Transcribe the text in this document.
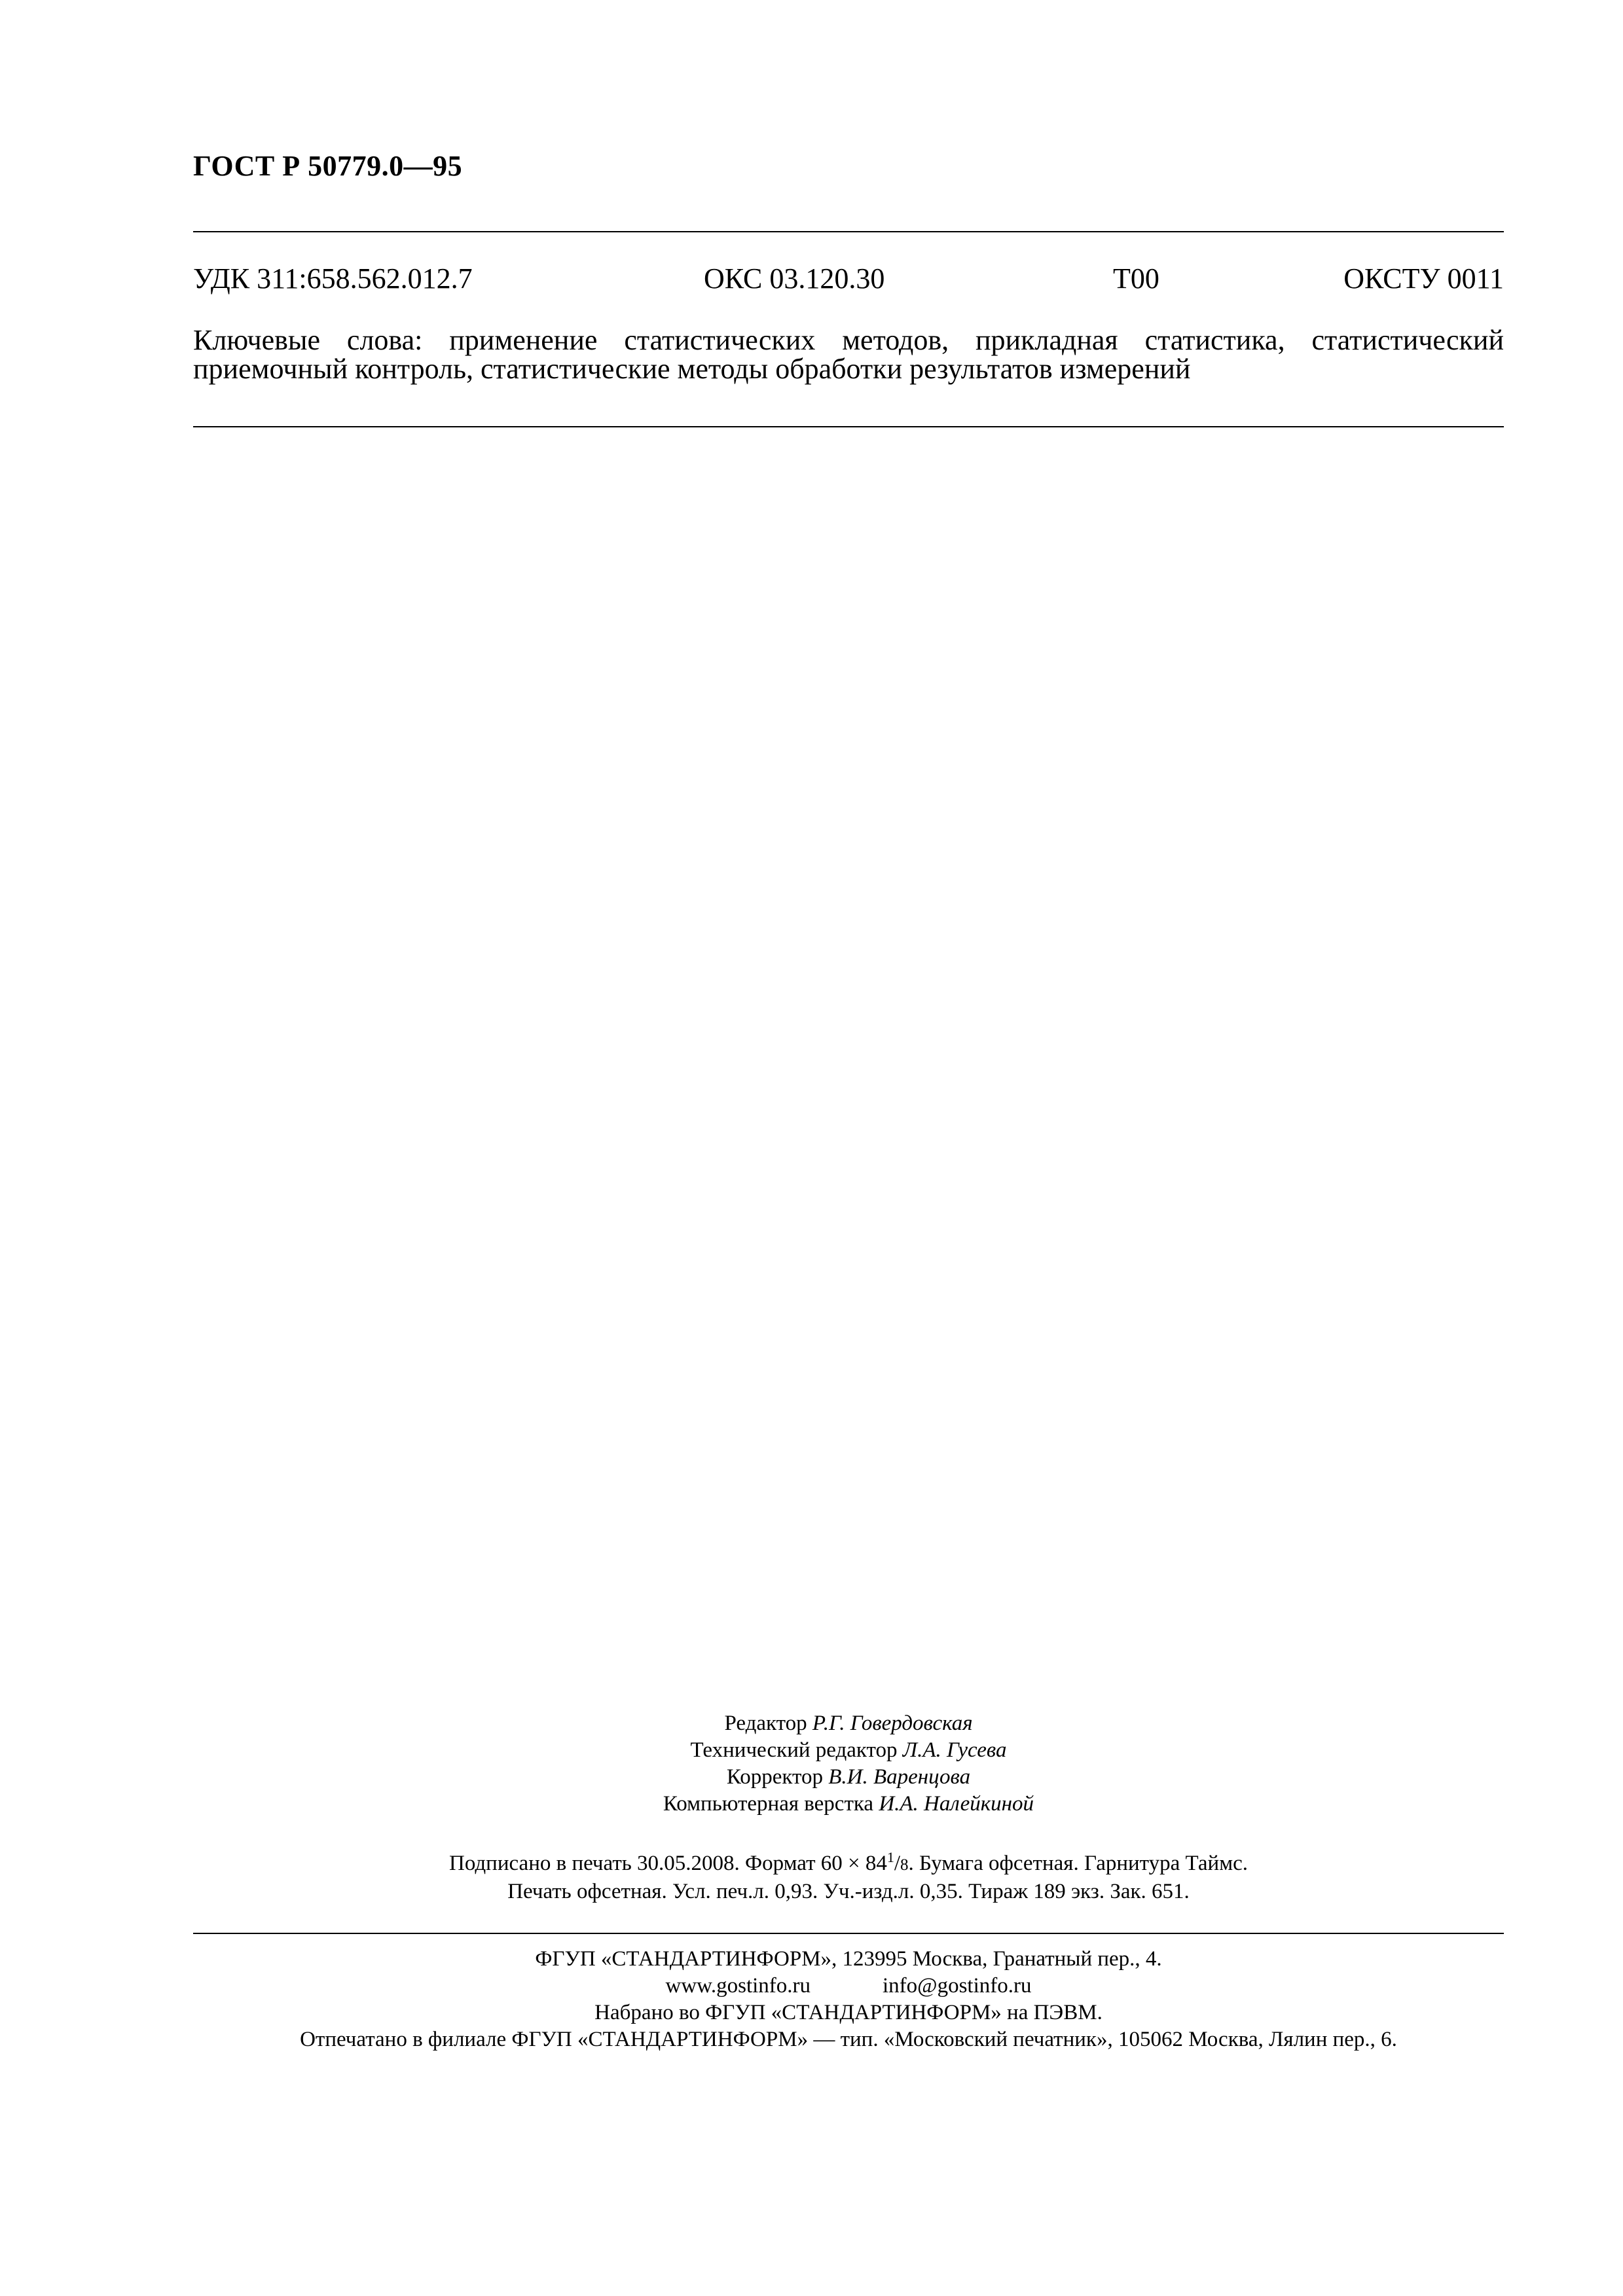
ГОСТ Р 50779.0—95
УДК 311:658.562.012.7	ОКС 03.120.30	Т00	ОКСТУ 0011
Ключевые слова: применение статистических методов, прикладная статистика, статистический
приемочный контроль, статистические методы обработки результатов измерений
Редактор Р.Г. Говердовская
Технический редактор Л.А. Гусева
Корректор В.И. Варенцова
Компьютерная верстка И.А. Налейкиной
Подписано в печать 30.05.2008. Формат $60 \times 84^1/8$. Бумага офсетная. Гарнитура Таймс.
Печать офсетная. Усл. печ.л. 0,93. Уч.-изд.л. 0,35. Тираж 189 экз. Зак. 651.
ФГУП «СТАНДАРТИНФОРМ», 123995 Москва, Гранатный пер., 4.
www.gostinfo.ru	info@gostinfo.ru
Набрано во ФГУП «СТАНДАРТИНФОРМ» на ПЭВМ.
Отпечатано в филиале ФГУП «СТАНДАРТИНФОРМ» — тип. «Московский печатник», 105062 Москва, Лялин пер., 6.
